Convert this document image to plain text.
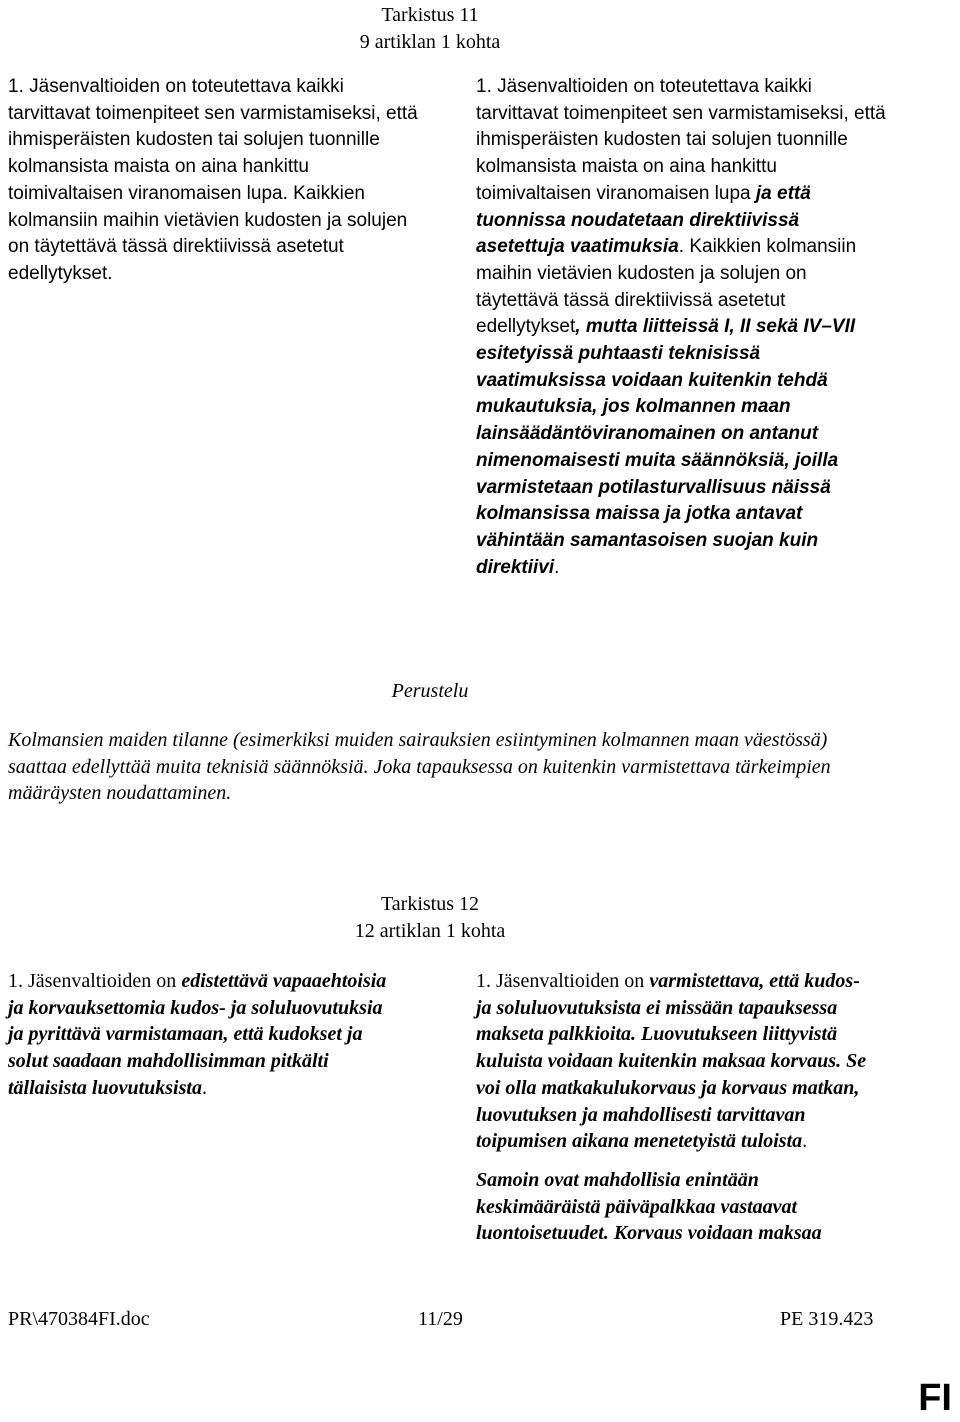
Tarkistus 11
9 artiklan 1 kohta

1. Jäsenvaltioiden on toteutettava kaikki tarvittavat toimenpiteet sen varmistamiseksi, että ihmisperäisten kudosten tai solujen tuonnille kolmansista maista on aina hankittu toimivaltaisen viranomaisen lupa. Kaikkien kolmansiin maihin vietävien kudosten ja solujen on täytettävä tässä direktiivissä asetetut edellytykset.

1. Jäsenvaltioiden on toteutettava kaikki tarvittavat toimenpiteet sen varmistamiseksi, että ihmisperäisten kudosten tai solujen tuonnille kolmansista maista on aina hankittu toimivaltaisen viranomaisen lupa ja että tuonnissa noudatetaan direktiivissä asetettuja vaatimuksia. Kaikkien kolmansiin maihin vietävien kudosten ja solujen on täytettävä tässä direktiivissä asetetut edellytykset, mutta liitteissä I, II sekä IV–VII esitetyissä puhtaasti teknisissä vaatimuksissa voidaan kuitenkin tehdä mukautuksia, jos kolmannen maan lainsäädäntöviranomainen on antanut nimenomaisesti muita säännöksiä, joilla varmistetaan potilasturvallisuus näissä kolmansissa maissa ja jotka antavat vähintään samantasoisen suojan kuin direktiivi.

Perustelu
Kolmansien maiden tilanne (esimerkiksi muiden sairauksien esiintyminen kolmannen maan väestössä) saattaa edellyttää muita teknisiä säännöksiä. Joka tapauksessa on kuitenkin varmistettava tärkeimpien määräysten noudattaminen.
Tarkistus 12
12 artiklan 1 kohta

1. Jäsenvaltioiden on edistettävä vapaaehtoisia ja korvauksettomia kudos- ja soluluovutuksia ja pyrittävä varmistamaan, että kudokset ja solut saadaan mahdollisimman pitkälti tällaisista luovutuksista.

1. Jäsenvaltioiden on varmistettava, että kudos- ja soluluovutuksista ei missään tapauksessa makseta palkkioita. Luovutukseen liittyvistä kuluista voidaan kuitenkin maksaa korvaus. Se voi olla matkakulukorvaus ja korvaus matkan, luovutuksen ja mahdollisesti tarvittavan toipumisen aikana menetetyistä tuloista.

Samoin ovat mahdollisia enintään keskimääräistä päiväpalkkaa vastaavat luontoisetuudet. Korvaus voidaan maksaa

PR\470384FI.doc	11/29	PE 319.423
FI
